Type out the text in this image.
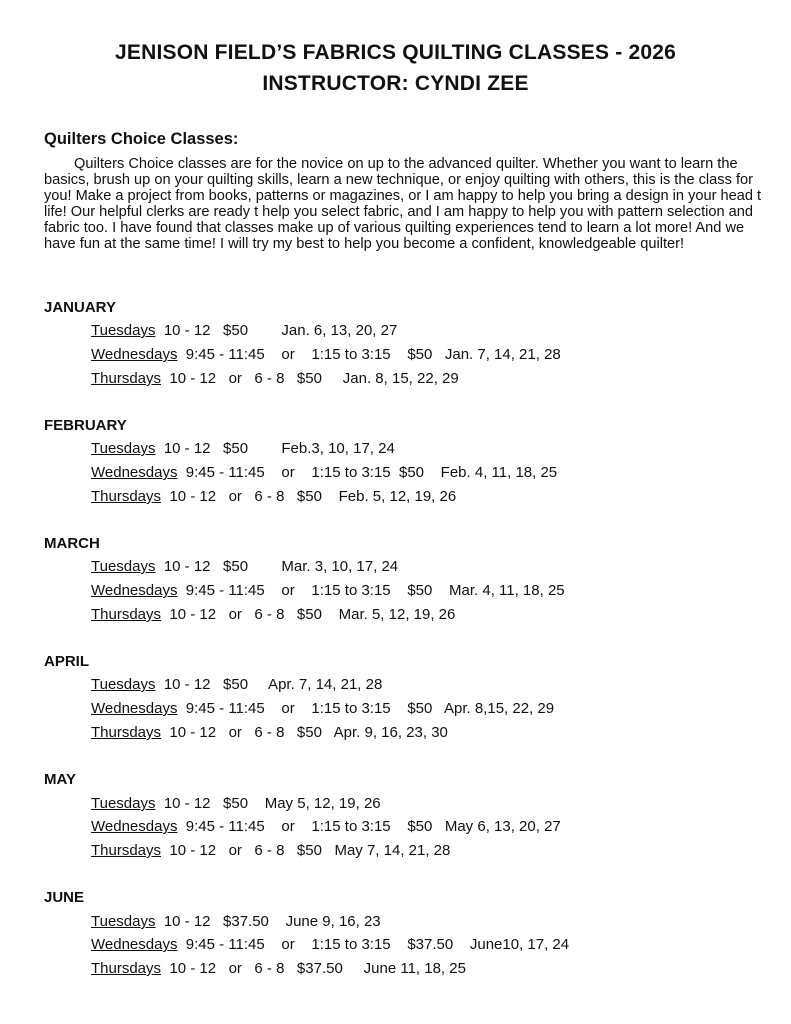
JENISON FIELD’S FABRICS QUILTING CLASSES - 2026
INSTRUCTOR: CYNDI ZEE
Quilters Choice Classes:

Quilters Choice classes are for the novice on up to the advanced quilter. Whether you want to learn the basics, brush up on your quilting skills, learn a new technique, or enjoy quilting with others, this is the class for you! Make a project from books, patterns or magazines, or I am happy to help you bring a design in your head t life! Our helpful clerks are ready t help you select fabric, and I am happy to help you with pattern selection and fabric too. I have found that classes make up of various quilting experiences tend to learn a lot more! And we have fun at the same time! I will try my best to help you become a confident, knowledgeable quilter!

JANUARY
Tuesdays  10 - 12   $50        Jan. 6, 13, 20, 27
Wednesdays  9:45 - 11:45    or    1:15 to 3:15    $50   Jan. 7, 14, 21, 28
Thursdays  10 - 12   or   6 - 8   $50     Jan. 8, 15, 22, 29
FEBRUARY
Tuesdays  10 - 12   $50        Feb.3, 10, 17, 24
Wednesdays  9:45 - 11:45    or    1:15 to 3:15  $50    Feb. 4, 11, 18, 25
Thursdays  10 - 12   or   6 - 8   $50    Feb. 5, 12, 19, 26
MARCH
Tuesdays  10 - 12   $50        Mar. 3, 10, 17, 24
Wednesdays  9:45 - 11:45    or    1:15 to 3:15    $50    Mar. 4, 11, 18, 25
Thursdays  10 - 12   or   6 - 8   $50    Mar. 5, 12, 19, 26
APRIL
Tuesdays  10 - 12   $50     Apr. 7, 14, 21, 28
Wednesdays  9:45 - 11:45    or    1:15 to 3:15    $50   Apr. 8,15, 22, 29
Thursdays  10 - 12   or   6 - 8   $50   Apr. 9, 16, 23, 30
MAY
Tuesdays  10 - 12   $50    May 5, 12, 19, 26
Wednesdays  9:45 - 11:45    or    1:15 to 3:15    $50   May 6, 13, 20, 27
Thursdays  10 - 12   or   6 - 8   $50   May 7, 14, 21, 28
JUNE
Tuesdays  10 - 12   $37.50    June 9, 16, 23
Wednesdays  9:45 - 11:45    or    1:15 to 3:15    $37.50    June10, 17, 24
Thursdays  10 - 12   or   6 - 8   $37.50     June 11, 18, 25
